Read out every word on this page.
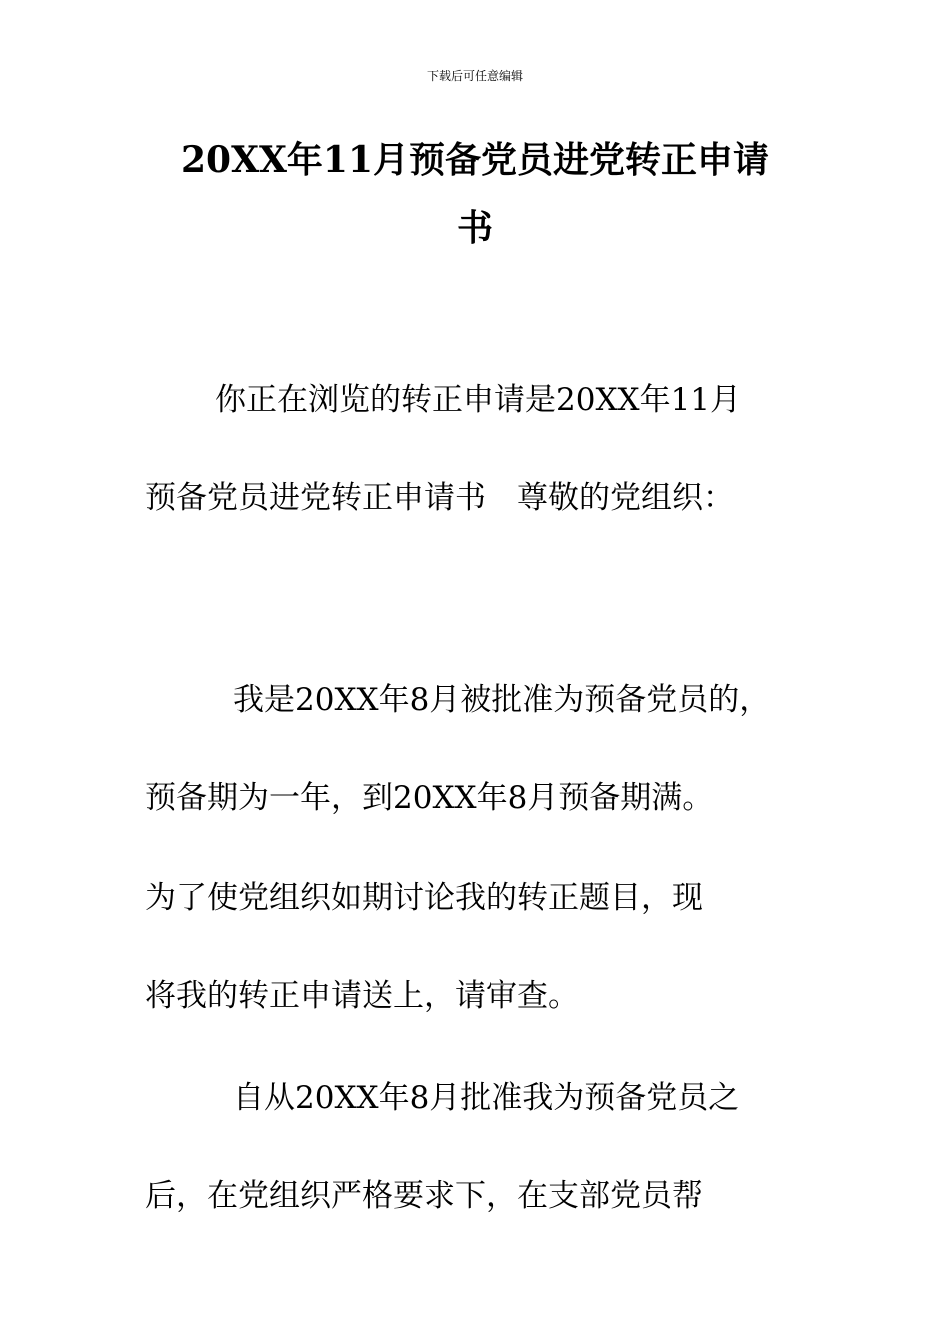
下载后可任意编辑
20XX年11月预备党员进党转正申请
书
你正在浏览的转正申请是20XX年11月
预备党员进党转正申请书　尊敬的党组织：
我是20XX年8月被批准为预备党员的，
预备期为一年，到20XX年8月预备期满。
为了使党组织如期讨论我的转正题目，现
将我的转正申请送上，请审查。
自从20XX年8月批准我为预备党员之
后，在党组织严格要求下，在支部党员帮
